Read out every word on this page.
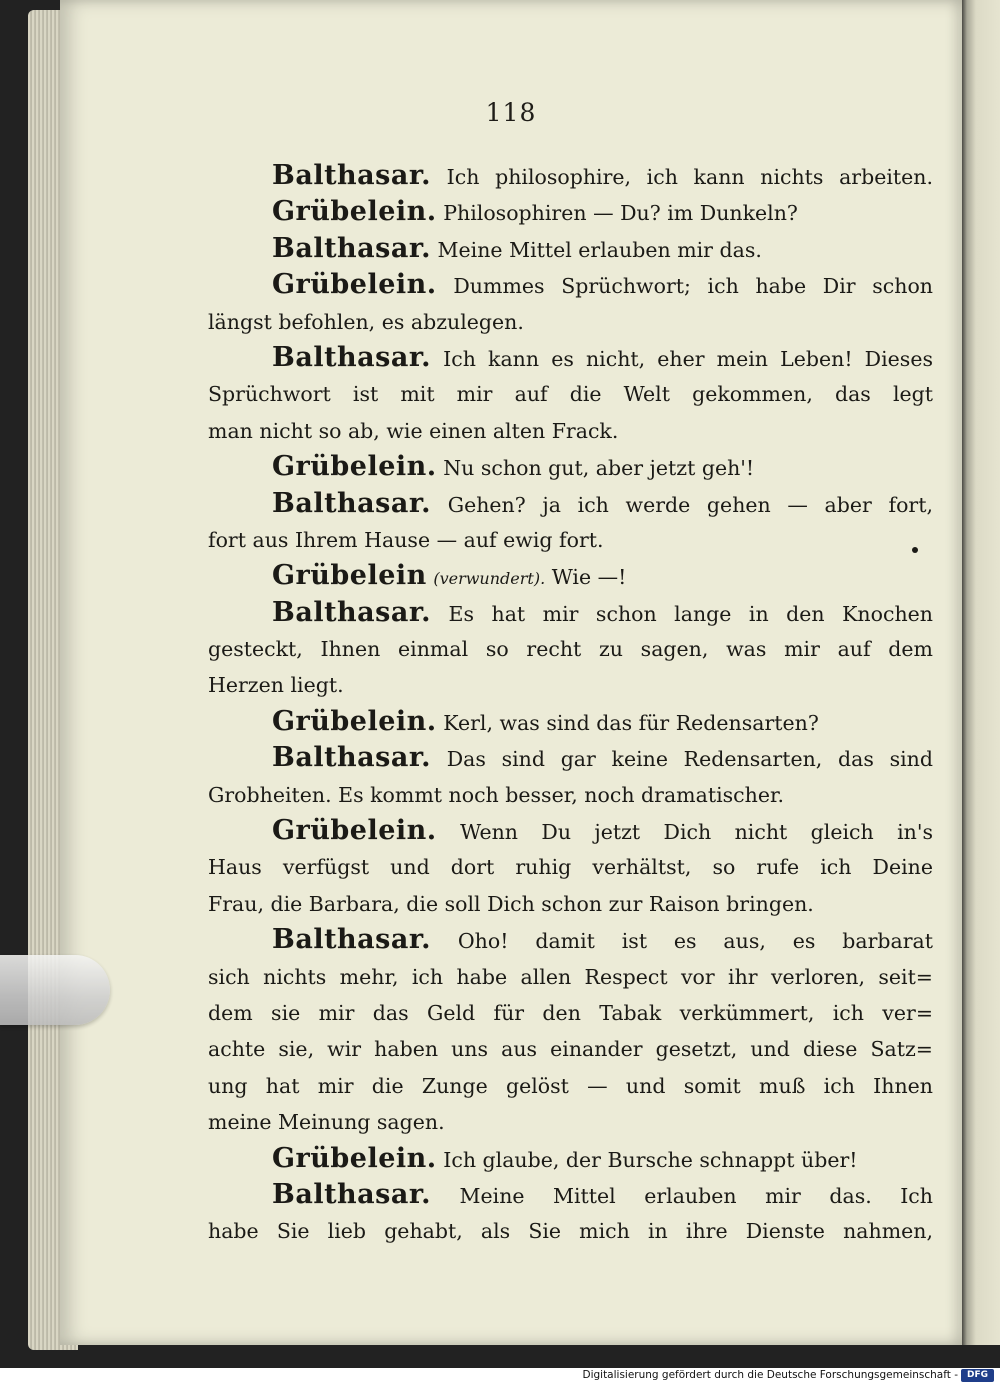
118
Balthasar. Ich philosophire, ich kann nichts arbeiten.
Grübelein. Philosophiren — Du? im Dunkeln?
Balthasar. Meine Mittel erlauben mir das.
Grübelein. Dummes Sprüchwort; ich habe Dir schon
längst befohlen, es abzulegen.
Balthasar. Ich kann es nicht, eher mein Leben! Dieses
Sprüchwort ist mit mir auf die Welt gekommen, das legt
man nicht so ab, wie einen alten Frack.
Grübelein. Nu schon gut, aber jetzt geh'!
Balthasar. Gehen? ja ich werde gehen — aber fort,
fort aus Ihrem Hause — auf ewig fort.
Grübelein (verwundert). Wie —!
Balthasar. Es hat mir schon lange in den Knochen
gesteckt, Ihnen einmal so recht zu sagen, was mir auf dem
Herzen liegt.
Grübelein. Kerl, was sind das für Redensarten?
Balthasar. Das sind gar keine Redensarten, das sind
Grobheiten. Es kommt noch besser, noch dramatischer.
Grübelein. Wenn Du jetzt Dich nicht gleich in's
Haus verfügst und dort ruhig verhältst, so rufe ich Deine
Frau, die Barbara, die soll Dich schon zur Raison bringen.
Balthasar. Oho! damit ist es aus, es barbarat
sich nichts mehr, ich habe allen Respect vor ihr verloren, seit=
dem sie mir das Geld für den Tabak verkümmert, ich ver=
achte sie, wir haben uns aus einander gesetzt, und diese Satz=
ung hat mir die Zunge gelöst — und somit muß ich Ihnen
meine Meinung sagen.
Grübelein. Ich glaube, der Bursche schnappt über!
Balthasar. Meine Mittel erlauben mir das. Ich
habe Sie lieb gehabt, als Sie mich in ihre Dienste nahmen,
Digitalisierung gefördert durch die Deutsche Forschungsgemeinschaft - DFG
